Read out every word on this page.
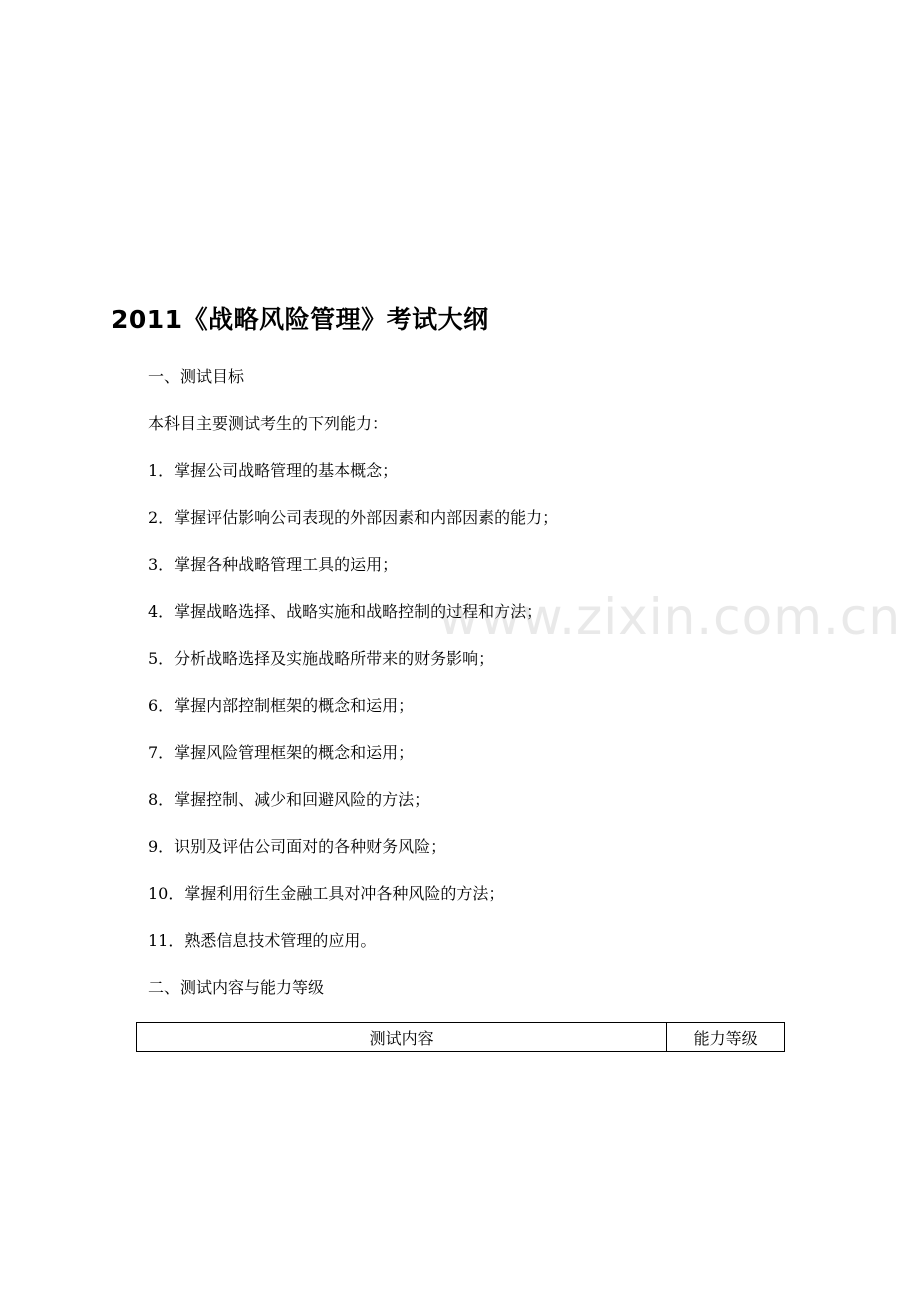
2011《战略风险管理》考试大纲
一、测试目标
本科目主要测试考生的下列能力：
1．掌握公司战略管理的基本概念；
2．掌握评估影响公司表现的外部因素和内部因素的能力；
3．掌握各种战略管理工具的运用；
4．掌握战略选择、战略实施和战略控制的过程和方法；
5．分析战略选择及实施战略所带来的财务影响；
6．掌握内部控制框架的概念和运用；
7．掌握风险管理框架的概念和运用；
8．掌握控制、减少和回避风险的方法；
9．识别及评估公司面对的各种财务风险；
10．掌握利用衍生金融工具对冲各种风险的方法；
11．熟悉信息技术管理的应用。
二、测试内容与能力等级
测试内容	能力等级
www.zixin.com.cn
